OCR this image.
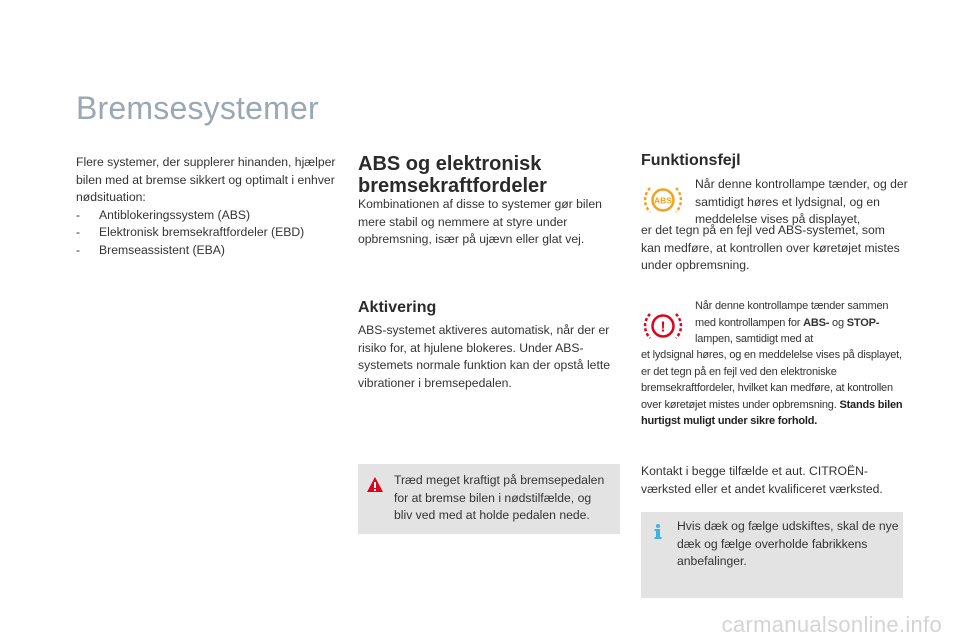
Bremsesystemer

Flere systemer, der supplerer hinanden, hjælper bilen med at bremse sikkert og optimalt i enhver nødsituation:

- Antiblokeringssystem (ABS)
- Elektronisk bremsekraftfordeler (EBD)
- Bremseassistent (EBA)
ABS og elektronisk bremsekraftfordeler

Kombinationen af disse to systemer gør bilen mere stabil og nemmere at styre under opbremsning, især på ujævn eller glat vej.

Aktivering

ABS-systemet aktiveres automatisk, når der er risiko for, at hjulene blokeres. Under ABS-systemets normale funktion kan der opstå lette vibrationer i bremsepedalen.

Træd meget kraftigt på bremsepedalen for at bremse bilen i nødstilfælde, og bliv ved med at holde pedalen nede.

Funktionsfejl
ABS

Når denne kontrollampe tænder, og der samtidigt høres et lydsignal, og en meddelelse vises på displayet,

er det tegn på en fejl ved ABS-systemet, som kan medføre, at kontrollen over køretøjet mistes under opbremsning.

!

Når denne kontrollampe tænder sammen med kontrollampen for ABS- og STOP-lampen, samtidigt med at

et lydsignal høres, og en meddelelse vises på displayet, er det tegn på en fejl ved den elektroniske bremsekraftfordeler, hvilket kan medføre, at kontrollen over køretøjet mistes under opbremsning. Stands bilen hurtigst muligt under sikre forhold.

Kontakt i begge tilfælde et aut. CITROËN-værksted eller et andet kvalificeret værksted.

Hvis dæk og fælge udskiftes, skal de nye dæk og fælge overholde fabrikkens anbefalinger.

carmanualsonline.info
